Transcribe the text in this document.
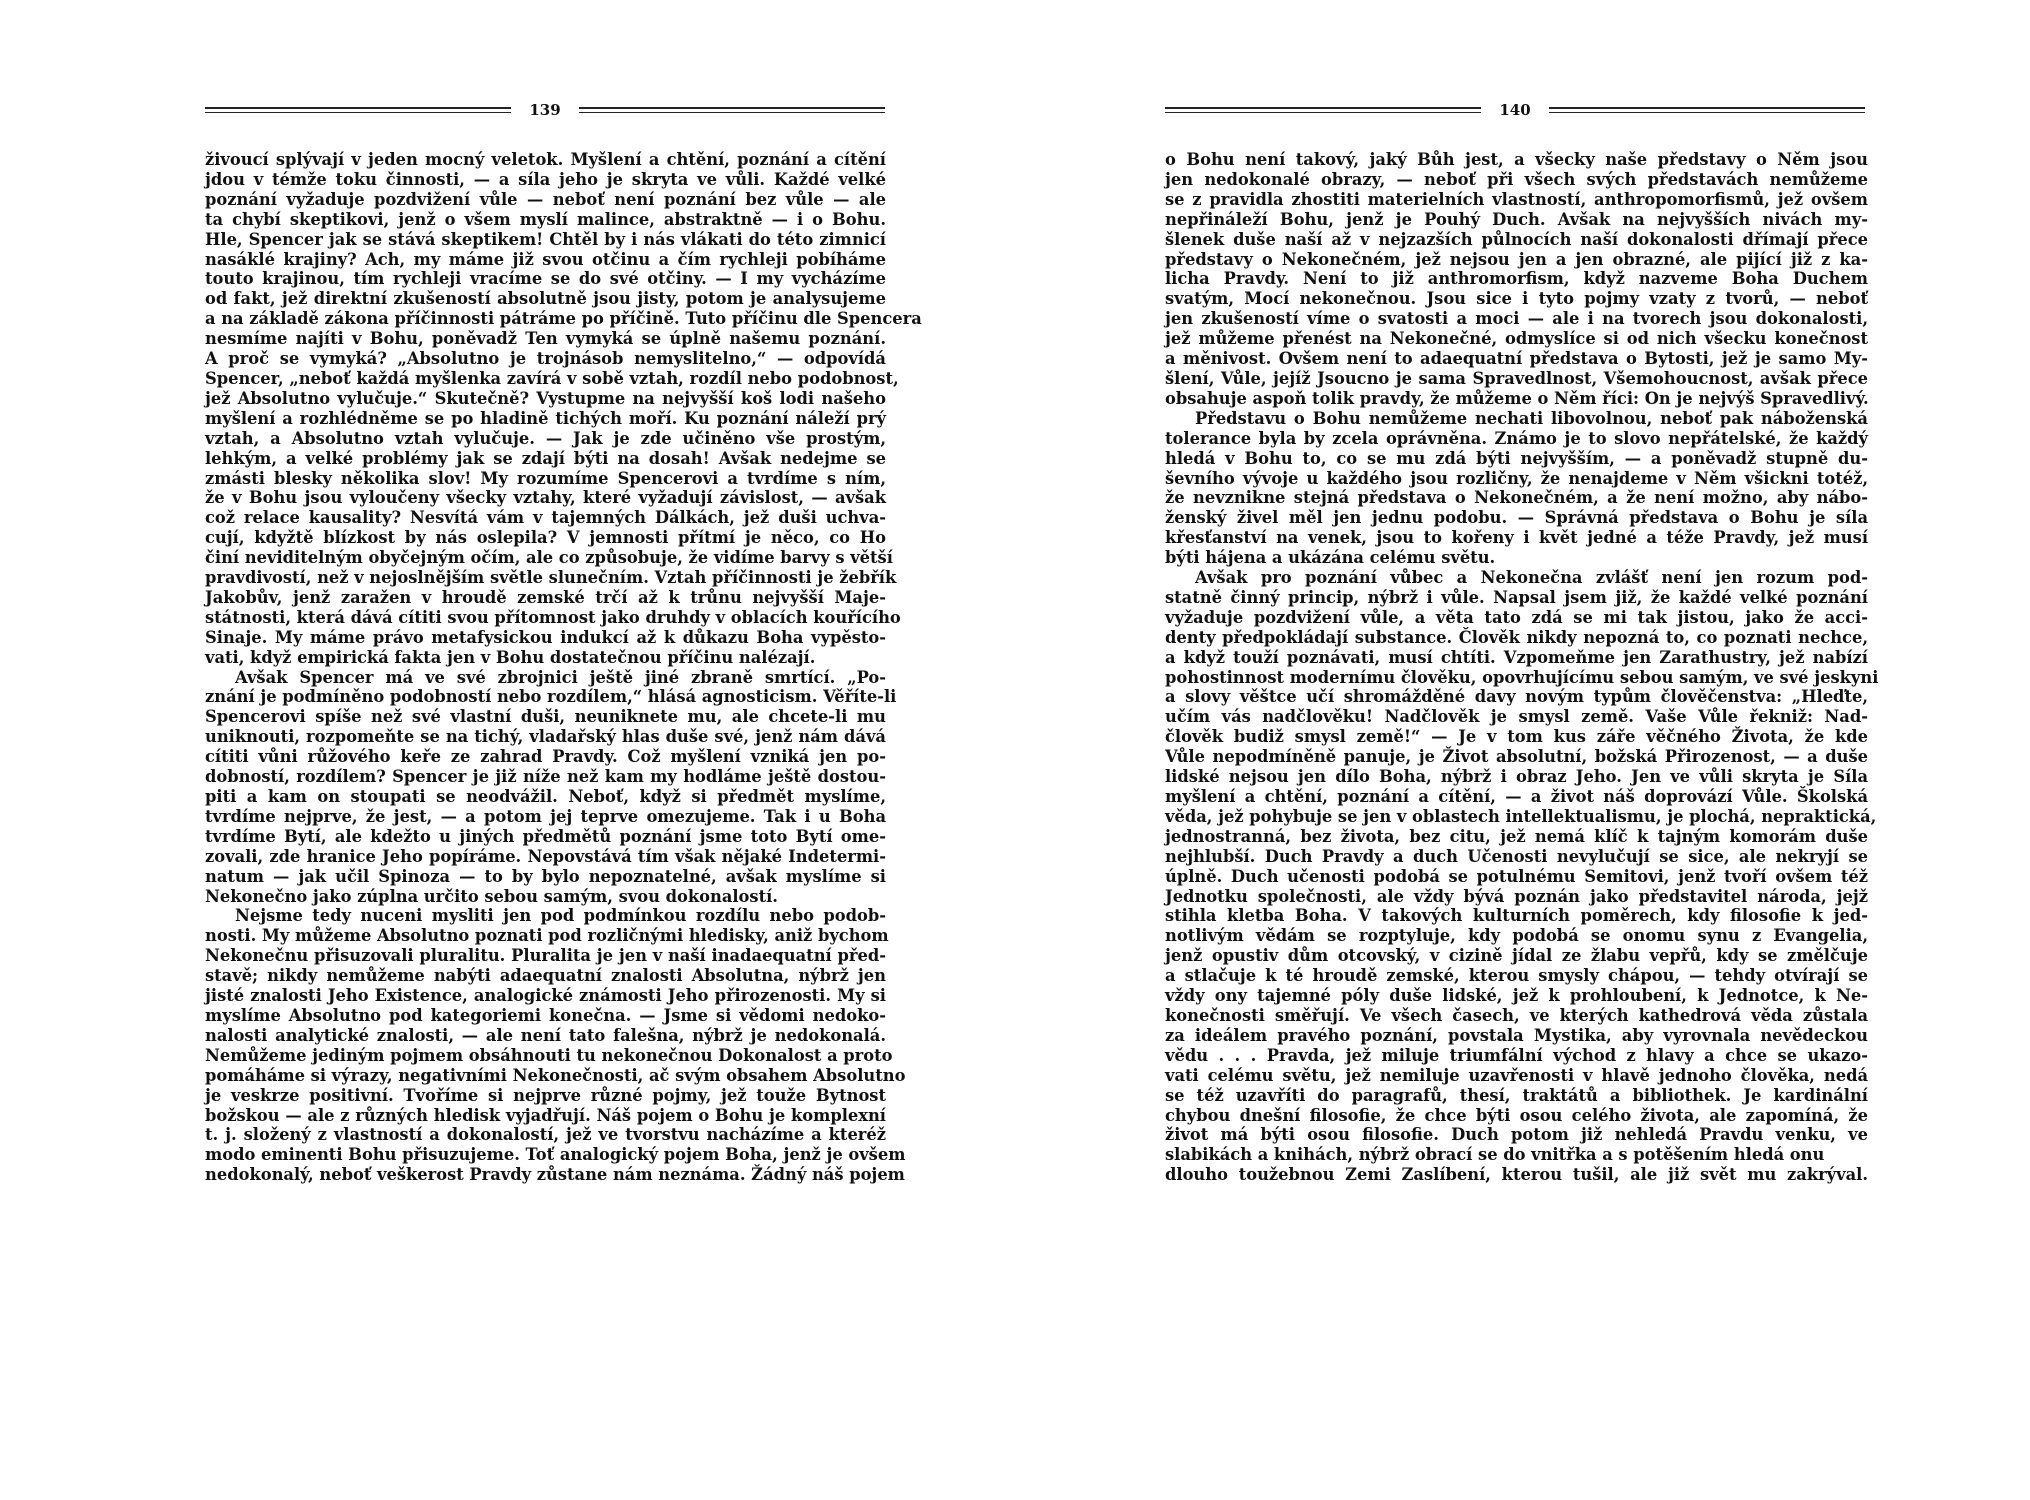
139
živoucí splývají v jeden mocný veletok. Myšlení a chtění, poznání a cítění
jdou v témže toku činnosti, — a síla jeho je skryta ve vůli. Každé velké
poznání vyžaduje pozdvižení vůle — neboť není poznání bez vůle — ale
ta chybí skeptikovi, jenž o všem myslí malince, abstraktně — i o Bohu.
Hle, Spencer jak se stává skeptikem! Chtěl by i nás vlákati do této zimnicí
nasáklé krajiny? Ach, my máme již svou otčinu a čím rychleji pobíháme
touto krajinou, tím rychleji vracíme se do své otčiny. — I my vycházíme
od fakt, jež direktní zkušeností absolutně jsou jisty, potom je analysujeme
a na základě zákona příčinnosti pátráme po příčině. Tuto příčinu dle Spencera
nesmíme najíti v Bohu, poněvadž Ten vymyká se úplně našemu poznání.
A proč se vymyká? „Absolutno je trojnásob nemyslitelno,“ — odpovídá
Spencer, „neboť každá myšlenka zavírá v sobě vztah, rozdíl nebo podobnost,
jež Absolutno vylučuje.“ Skutečně? Vystupme na nejvyšší koš lodi našeho
myšlení a rozhlédněme se po hladině tichých moří. Ku poznání náleží prý
vztah, a Absolutno vztah vylučuje. — Jak je zde učiněno vše prostým,
lehkým, a velké problémy jak se zdají býti na dosah! Avšak nedejme se
zmásti blesky několika slov! My rozumíme Spencerovi a tvrdíme s ním,
že v Bohu jsou vyloučeny všecky vztahy, které vyžadují závislost, — avšak
což relace kausality? Nesvítá vám v tajemných Dálkách, jež duši uchva-
cují, kdyžtě blízkost by nás oslepila? V jemnosti přítmí je něco, co Ho
činí neviditelným obyčejným očím, ale co způsobuje, že vidíme barvy s větší
pravdivostí, než v nejoslnějším světle slunečním. Vztah příčinnosti je žebřík
Jakobův, jenž zaražen v hroudě zemské trčí až k trůnu nejvyšší Maje-
státnosti, která dává cítiti svou přítomnost jako druhdy v oblacích kouřícího
Sinaje. My máme právo metafysickou indukcí až k důkazu Boha vypěsto-
vati, když empirická fakta jen v Bohu dostatečnou příčinu nalézají.
Avšak Spencer má ve své zbrojnici ještě jiné zbraně smrtící. „Po-
znání je podmíněno podobností nebo rozdílem,“ hlásá agnosticism. Věříte-li
Spencerovi spíše než své vlastní duši, neuniknete mu, ale chcete-li mu
uniknouti, rozpomeňte se na tichý, vladařský hlas duše své, jenž nám dává
cítiti vůni růžového keře ze zahrad Pravdy. Což myšlení vzniká jen po-
dobností, rozdílem? Spencer je již níže než kam my hodláme ještě dostou-
piti a kam on stoupati se neodvážil. Neboť, když si předmět myslíme,
tvrdíme nejprve, že jest, — a potom jej teprve omezujeme. Tak i u Boha
tvrdíme Bytí, ale kdežto u jiných předmětů poznání jsme toto Bytí ome-
zovali, zde hranice Jeho popíráme. Nepovstává tím však nějaké Indetermi-
natum — jak učil Spinoza — to by bylo nepoznatelné, avšak myslíme si
Nekonečno jako zúplna určito sebou samým, svou dokonalostí.
Nejsme tedy nuceni mysliti jen pod podmínkou rozdílu nebo podob-
nosti. My můžeme Absolutno poznati pod rozličnými hledisky, aniž bychom
Nekonečnu přisuzovali pluralitu. Pluralita je jen v naší inadaequatní před-
stavě; nikdy nemůžeme nabýti adaequatní znalosti Absolutna, nýbrž jen
jisté znalosti Jeho Existence, analogické známosti Jeho přirozenosti. My si
myslíme Absolutno pod kategoriemi konečna. — Jsme si vědomi nedoko-
nalosti analytické znalosti, — ale není tato falešna, nýbrž je nedokonalá.
Nemůžeme jediným pojmem obsáhnouti tu nekonečnou Dokonalost a proto
pomáháme si výrazy, negativními Nekonečnosti, ač svým obsahem Absolutno
je veskrze positivní. Tvoříme si nejprve různé pojmy, jež touže Bytnost
božskou — ale z různých hledisk vyjadřují. Náš pojem o Bohu je komplexní
t. j. složený z vlastností a dokonalostí, jež ve tvorstvu nacházíme a kteréž
modo eminenti Bohu přisuzujeme. Toť analogický pojem Boha, jenž je ovšem
nedokonalý, neboť veškerost Pravdy zůstane nám neznáma. Žádný náš pojem
140
o Bohu není takový, jaký Bůh jest, a všecky naše představy o Něm jsou
jen nedokonalé obrazy, — neboť při všech svých představách nemůžeme
se z pravidla zhostiti materielních vlastností, anthropomorfismů, jež ovšem
nepřináleží Bohu, jenž je Pouhý Duch. Avšak na nejvyšších nivách my-
šlenek duše naší až v nejzazších půlnocích naší dokonalosti dřímají přece
představy o Nekonečném, jež nejsou jen a jen obrazné, ale pijící již z ka-
licha Pravdy. Není to již anthromorfism, když nazveme Boha Duchem
svatým, Mocí nekonečnou. Jsou sice i tyto pojmy vzaty z tvorů, — neboť
jen zkušeností víme o svatosti a moci — ale i na tvorech jsou dokonalosti,
jež můžeme přenést na Nekonečné, odmyslíce si od nich všecku konečnost
a měnivost. Ovšem není to adaequatní představa o Bytosti, jež je samo My-
šlení, Vůle, jejíž Jsoucno je sama Spravedlnost, Všemohoucnost, avšak přece
obsahuje aspoň tolik pravdy, že můžeme o Něm říci: On je nejvýš Spravedlivý.
Představu o Bohu nemůžeme nechati libovolnou, neboť pak náboženská
tolerance byla by zcela oprávněna. Známo je to slovo nepřátelské, že každý
hledá v Bohu to, co se mu zdá býti nejvyšším, — a poněvadž stupně du-
ševního vývoje u každého jsou rozličny, že nenajdeme v Něm všickni totéž,
že nevznikne stejná představa o Nekonečném, a že není možno, aby nábo-
ženský živel měl jen jednu podobu. — Správná představa o Bohu je síla
křesťanství na venek, jsou to kořeny i květ jedné a téže Pravdy, jež musí
býti hájena a ukázána celému světu.
Avšak pro poznání vůbec a Nekonečna zvlášť není jen rozum pod-
statně činný princip, nýbrž i vůle. Napsal jsem již, že každé velké poznání
vyžaduje pozdvižení vůle, a věta tato zdá se mi tak jistou, jako že acci-
denty předpokládají substance. Člověk nikdy nepozná to, co poznati nechce,
a když touží poznávati, musí chtíti. Vzpomeňme jen Zarathustry, jež nabízí
pohostinnost modernímu člověku, opovrhujícímu sebou samým, ve své jeskyni
a slovy věštce učí shromážděné davy novým typům člověčenstva: „Hleďte,
učím vás nadčlověku! Nadčlověk je smysl země. Vaše Vůle řekniž: Nad-
člověk budiž smysl země!“ — Je v tom kus záře věčného Života, že kde
Vůle nepodmíněně panuje, je Život absolutní, božská Přirozenost, — a duše
lidské nejsou jen dílo Boha, nýbrž i obraz Jeho. Jen ve vůli skryta je Síla
myšlení a chtění, poznání a cítění, — a život náš doprovází Vůle. Školská
věda, jež pohybuje se jen v oblastech intellektualismu, je plochá, nepraktická,
jednostranná, bez života, bez citu, jež nemá klíč k tajným komorám duše
nejhlubší. Duch Pravdy a duch Učenosti nevylučují se sice, ale nekryjí se
úplně. Duch učenosti podobá se potulnému Semitovi, jenž tvoří ovšem též
Jednotku společnosti, ale vždy bývá poznán jako představitel národa, jejž
stihla kletba Boha. V takových kulturních poměrech, kdy filosofie k jed-
notlivým vědám se rozptyluje, kdy podobá se onomu synu z Evangelia,
jenž opustiv dům otcovský, v cizině jídal ze žlabu vepřů, kdy se změlčuje
a stlačuje k té hroudě zemské, kterou smysly chápou, — tehdy otvírají se
vždy ony tajemné póly duše lidské, jež k prohloubení, k Jednotce, k Ne-
konečnosti směřují. Ve všech časech, ve kterých kathedrová věda zůstala
za ideálem pravého poznání, povstala Mystika, aby vyrovnala nevědeckou
vědu . . . Pravda, jež miluje triumfální východ z hlavy a chce se ukazo-
vati celému světu, jež nemiluje uzavřenosti v hlavě jednoho člověka, nedá
se též uzavříti do paragrafů, thesí, traktátů a bibliothek. Je kardinální
chybou dnešní filosofie, že chce býti osou celého života, ale zapomíná, že
život má býti osou filosofie. Duch potom již nehledá Pravdu venku, ve
slabikách a knihách, nýbrž obrací se do vnitřka a s potěšením hledá onu
dlouho toužebnou Zemi Zaslíbení, kterou tušil, ale již svět mu zakrýval.
